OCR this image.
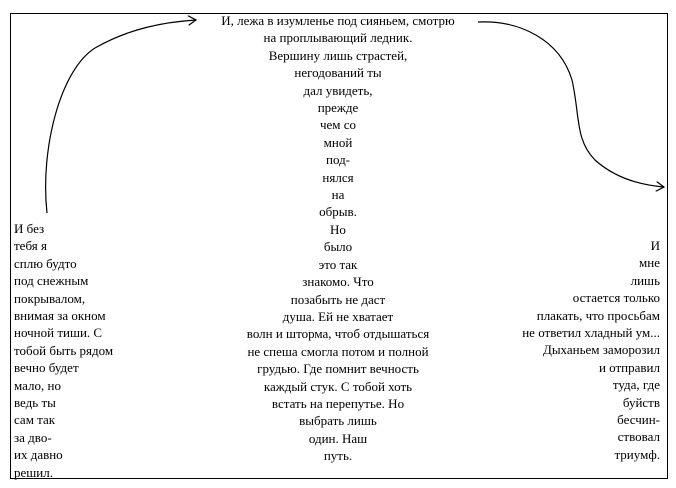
И, лежа в изумленье под сияньем, смотрю
на проплывающий ледник.
Вершину лишь страстей,
негодований ты
дал увидеть,
прежде
чем со
мной
под-
нялся
на
обрыв.
Но
было
это так
знакомо. Что
позабыть не даст
душа. Ей не хватает
волн и шторма, чтоб отдышаться
не спеша смогла потом и полной
грудью. Где помнит вечность
каждый стук. С тобой хоть
встать на перепутье. Но
выбрать лишь
один. Наш
путь.
И без
тебя я
сплю будто
под снежным
покрывалом,
внимая за окном
ночной тиши. С
тобой быть рядом
вечно будет
мало, но
ведь ты
сам так
за дво-
их давно
решил.
И
мне
лишь
остается только
плакать, что просьбам
не ответил хладный ум...
Дыханьем заморозил
и отправил
туда, где
буйств
бесчин-
ствовал
триумф.
